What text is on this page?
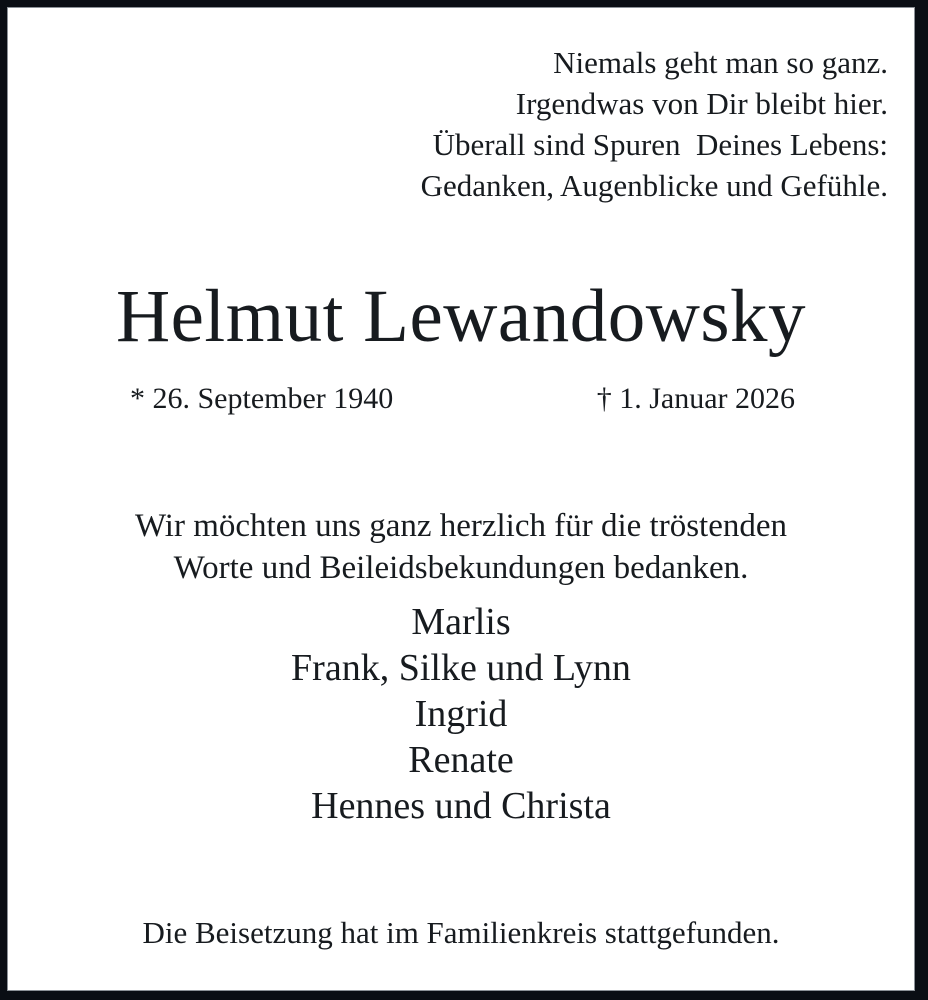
Niemals geht man so ganz.
Irgendwas von Dir bleibt hier.
Überall sind Spuren  Deines Lebens:
Gedanken, Augenblicke und Gefühle.
Helmut Lewandowsky
* 26. September 1940	† 1. Januar 2026
Wir möchten uns ganz herzlich für die tröstenden
Worte und Beileidsbekundungen bedanken.
Marlis
Frank, Silke und Lynn
Ingrid
Renate
Hennes und Christa
Die Beisetzung hat im Familienkreis stattgefunden.
